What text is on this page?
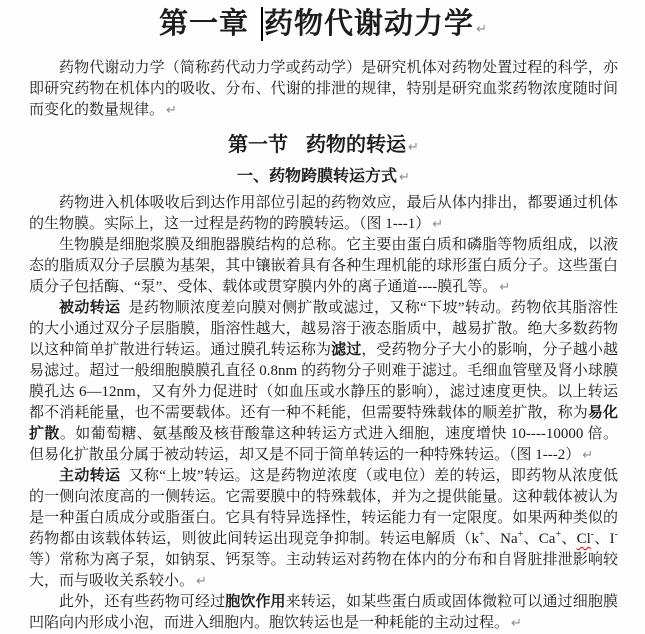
第一章 药物代谢动力学 ↵

药物代谢动力学（简称药代动力学或药动学）是研究机体对药物处置过程的科学，亦即研究药物在机体内的吸收、分布、代谢的排泄的规律，特别是研究血浆药物浓度随时间而变化的数量规律。 ↵

第一节 药物的转运 ↵
一、药物跨膜转运方式 ↵

药物进入机体吸收后到达作用部位引起的药物效应，最后从体内排出，都要通过机体的生物膜。实际上，这一过程是药物的跨膜转运。（图 1---1） ↵

生物膜是细胞浆膜及细胞器膜结构的总称。它主要由蛋白质和磷脂等物质组成，以液态的脂质双分子层膜为基架，其中镶嵌着具有各种生理机能的球形蛋白质分子。这些蛋白质分子包括酶、“泵”、受体、载体或贯穿膜内外的离子通道----膜孔等。 ↵

被动转运  是药物顺浓度差向膜对侧扩散或滤过，又称“下坡”转动。药物依其脂溶性的大小通过双分子层脂膜，脂溶性越大，越易溶于液态脂质中，越易扩散。绝大多数药物以这种简单扩散进行转运。通过膜孔转运称为滤过，受药物分子大小的影响，分子越小越易滤过。超过一般细胞膜膜孔直径 0.8nm 的药物分子则难于滤过。毛细血管壁及肾小球膜膜孔达 6—12nm，又有外力促进时（如血压或水静压的影响），滤过速度更快。以上转运都不消耗能量，也不需要载体。还有一种不耗能，但需要特殊载体的顺差扩散，称为易化扩散。如葡萄糖、氨基酸及核苷酸靠这种转运方式进入细胞，速度增快 10----10000 倍。但易化扩散虽分属于被动转运，却又是不同于简单转运的一种特殊转运。（图 1---2） ↵

主动转运  又称“上坡”转运。这是药物逆浓度（或电位）差的转运，即药物从浓度低的一侧向浓度高的一侧转运。它需要膜中的特殊载体，并为之提供能量。这种载体被认为是一种蛋白质成分或脂蛋白。它具有特异选择性，转运能力有一定限度。如果两种类似的药物都由该载体转运，则彼此间转运出现竞争抑制。转运电解质（k+、Na+、Ca+、Cl-、I-等）常称为离子泵，如钠泵、钙泵等。主动转运对药物在体内的分布和自肾脏排泄影响较大，而与吸收关系较小。 ↵

此外，还有些药物可经过胞饮作用来转运，如某些蛋白质或固体微粒可以通过细胞膜凹陷向内形成小泡，而进入细胞内。胞饮转运也是一种耗能的主动过程。 ↵
